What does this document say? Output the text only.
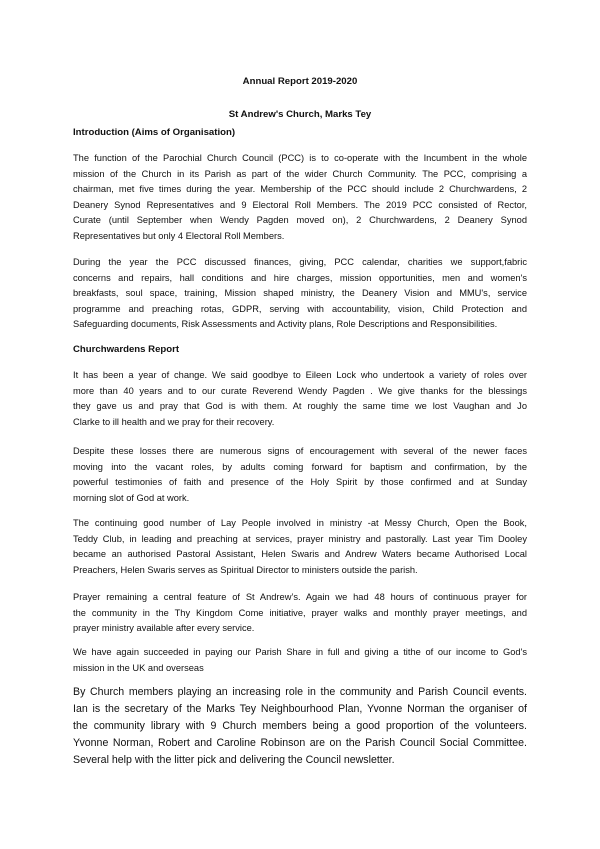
Annual Report 2019-2020
St Andrew's Church, Marks Tey
Introduction (Aims of Organisation)
The function of the Parochial Church Council (PCC) is to co-operate with the Incumbent in the whole
mission of the Church in its Parish as part of the wider Church Community. The PCC, comprising a
chairman, met five times during the year. Membership of the PCC should include 2 Churchwardens, 2
Deanery Synod Representatives and 9 Electoral Roll Members. The 2019 PCC consisted of Rector,
Curate (until September when Wendy Pagden moved on), 2 Churchwardens, 2 Deanery Synod
Representatives but only 4 Electoral Roll Members.
During the year the PCC discussed finances, giving, PCC calendar, charities we support,fabric
concerns and repairs, hall conditions and hire charges, mission opportunities, men and women's
breakfasts, soul space, training, Mission shaped ministry, the Deanery Vision and MMU's, service
programme and preaching rotas, GDPR, serving with accountability, vision, Child Protection and
Safeguarding documents, Risk Assessments and Activity plans, Role Descriptions and Responsibilities.
Churchwardens Report
It has been a year of change. We said goodbye to Eileen Lock who undertook a variety of roles over
more than 40 years and to our curate Reverend Wendy Pagden . We give thanks for the blessings
they gave us and pray that God is with them. At roughly the same time we lost Vaughan and Jo
Clarke to ill health and we pray for their recovery.
Despite these losses there are numerous signs of encouragement with several of the newer faces
moving into the vacant roles, by adults coming forward for baptism and confirmation, by the
powerful testimonies of faith and presence of the Holy Spirit by those confirmed and at Sunday
morning slot of God at work.
The continuing good number of Lay People involved in ministry -at Messy Church, Open the Book,
Teddy Club, in leading and preaching at services, prayer ministry and pastorally. Last year Tim Dooley
became an authorised Pastoral Assistant, Helen Swaris and Andrew Waters became Authorised Local
Preachers, Helen Swaris serves as Spiritual Director to ministers outside the parish.
Prayer remaining a central feature of St Andrew’s. Again we had 48 hours of continuous prayer for
the community in the Thy Kingdom Come initiative, prayer walks and monthly prayer meetings, and
prayer ministry available after every service.
We have again succeeded in paying our Parish Share in full and giving a tithe of our income to God's
mission in the UK and overseas
By Church members playing an increasing role in the community and Parish Council events.
Ian is the secretary of the Marks Tey Neighbourhood Plan, Yvonne Norman the organiser of
the community library with 9 Church members being a good proportion of the volunteers.
Yvonne Norman, Robert and Caroline Robinson are on the Parish Council Social Committee.
Several help with the litter pick and delivering the Council newsletter.
